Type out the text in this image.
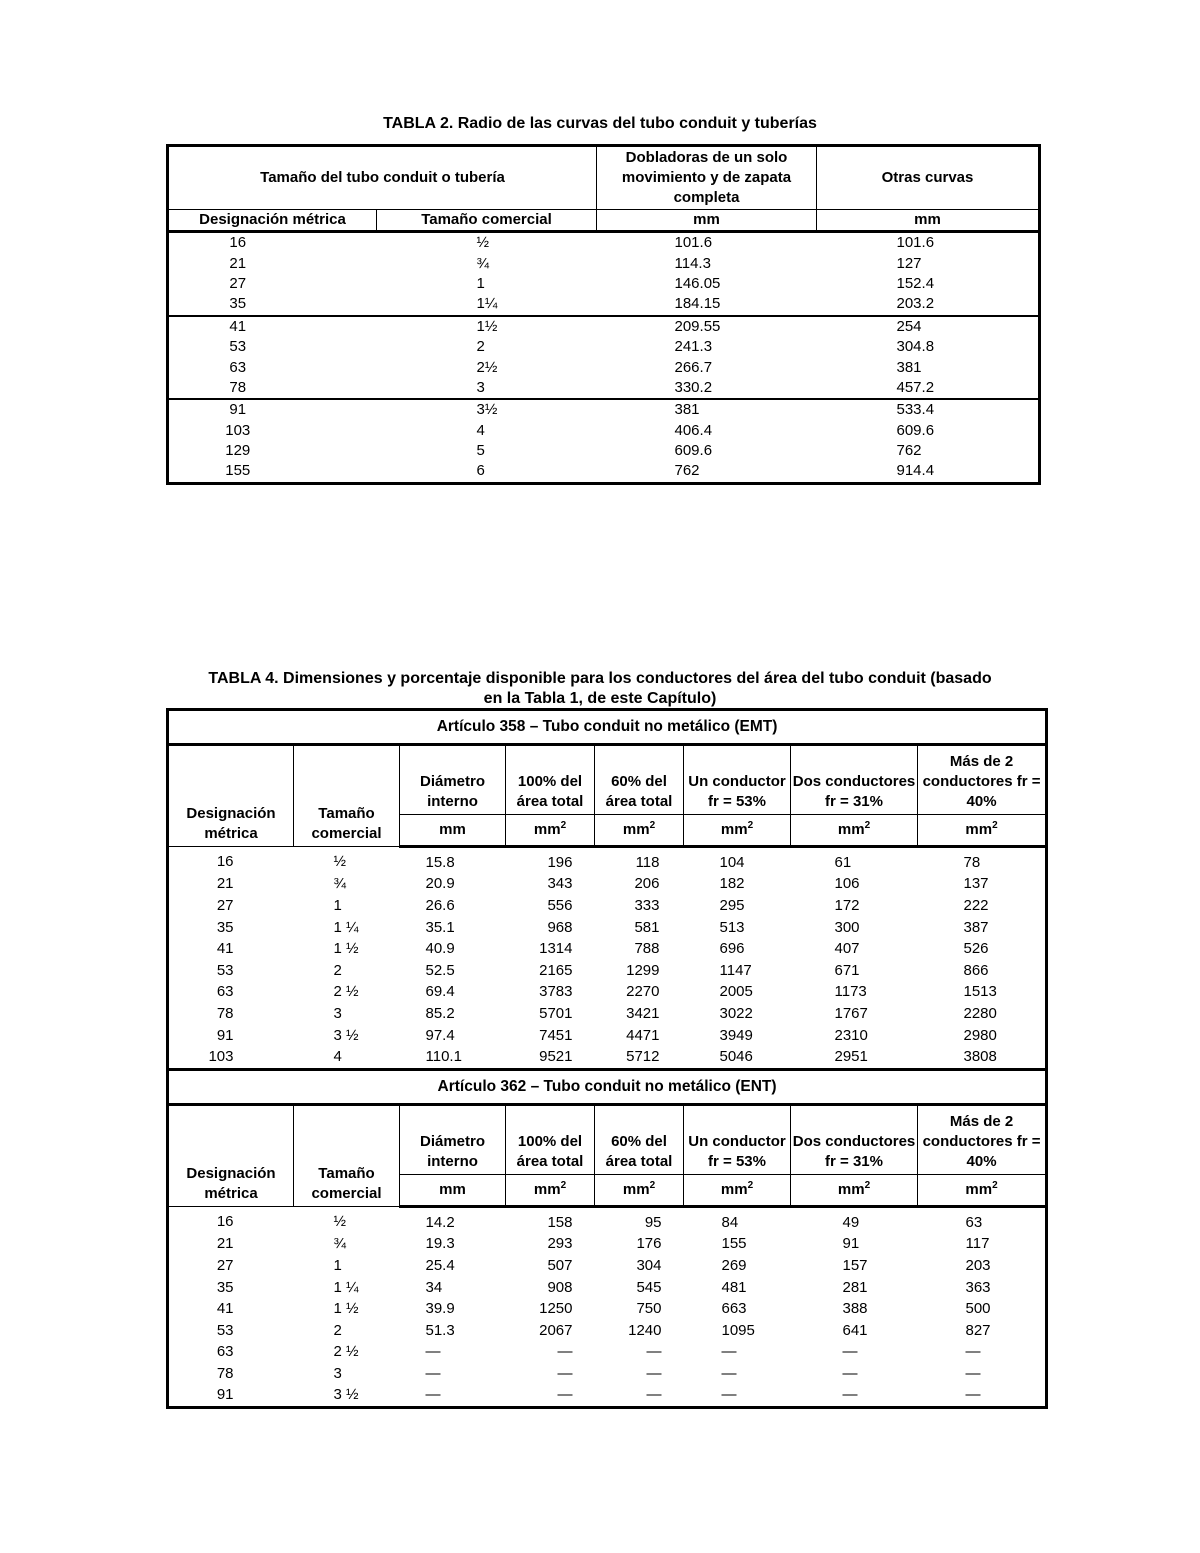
TABLA 2. Radio de las curvas del tubo conduit y tuberías
Tamaño del tubo conduit o tubería		Dobladoras de un solo movimiento y de zapata completa	Otras curvas
Designación métrica	Tamaño comercial	mm	mm
16	½	101.6	101.6
21	¾	114.3	127
27	1	146.05	152.4
35	1¼	184.15	203.2
41	1½	209.55	254
53	2	241.3	304.8
63	2½	266.7	381
78	3	330.2	457.2
91	3½	381	533.4
103	4	406.4	609.6
129	5	609.6	762
155	6	762	914.4
TABLA 4. Dimensiones y porcentaje disponible para los conductores del área del tubo conduit (basado
en la Tabla 1, de este Capítulo)
Artículo 358 – Tubo conduit no metálico (EMT)							
Designación métrica	Tamaño comercial	Diámetro interno	100% del área total	60% del área total	Un conductor fr = 53%	Dos conductores fr = 31%	Más de 2 conductores fr = 40%
		mm	$mm^2$	$mm^2$	$mm^2$	$mm^2$	$mm^2$
16	½	15.8	196	118	104	61	78
21	¾	20.9	343	206	182	106	137
27	1	26.6	556	333	295	172	222
35	1 ¼	35.1	968	581	513	300	387
41	1 ½	40.9	1314	788	696	407	526
53	2	52.5	2165	1299	1147	671	866
63	2 ½	69.4	3783	2270	2005	1173	1513
78	3	85.2	5701	3421	3022	1767	2280
91	3 ½	97.4	7451	4471	3949	2310	2980
103	4	110.1	9521	5712	5046	2951	3808
Artículo 362 – Tubo conduit no metálico (ENT)							
Designación métrica	Tamaño comercial	Diámetro interno	100% del área total	60% del área total	Un conductor fr = 53%	Dos conductores fr = 31%	Más de 2 conductores fr = 40%
		mm	$mm^2$	$mm^2$	$mm^2$	$mm^2$	$mm^2$
16	½	14.2	158	95	84	49	63
21	¾	19.3	293	176	155	91	117
27	1	25.4	507	304	269	157	203
35	1 ¼	34	908	545	481	281	363
41	1 ½	39.9	1250	750	663	388	500
53	2	51.3	2067	1240	1095	641	827
63	2 ½	—	—	—	—	—	—
78	3	—	—	—	—	—	—
91	3 ½	—	—	—	—	—	—
